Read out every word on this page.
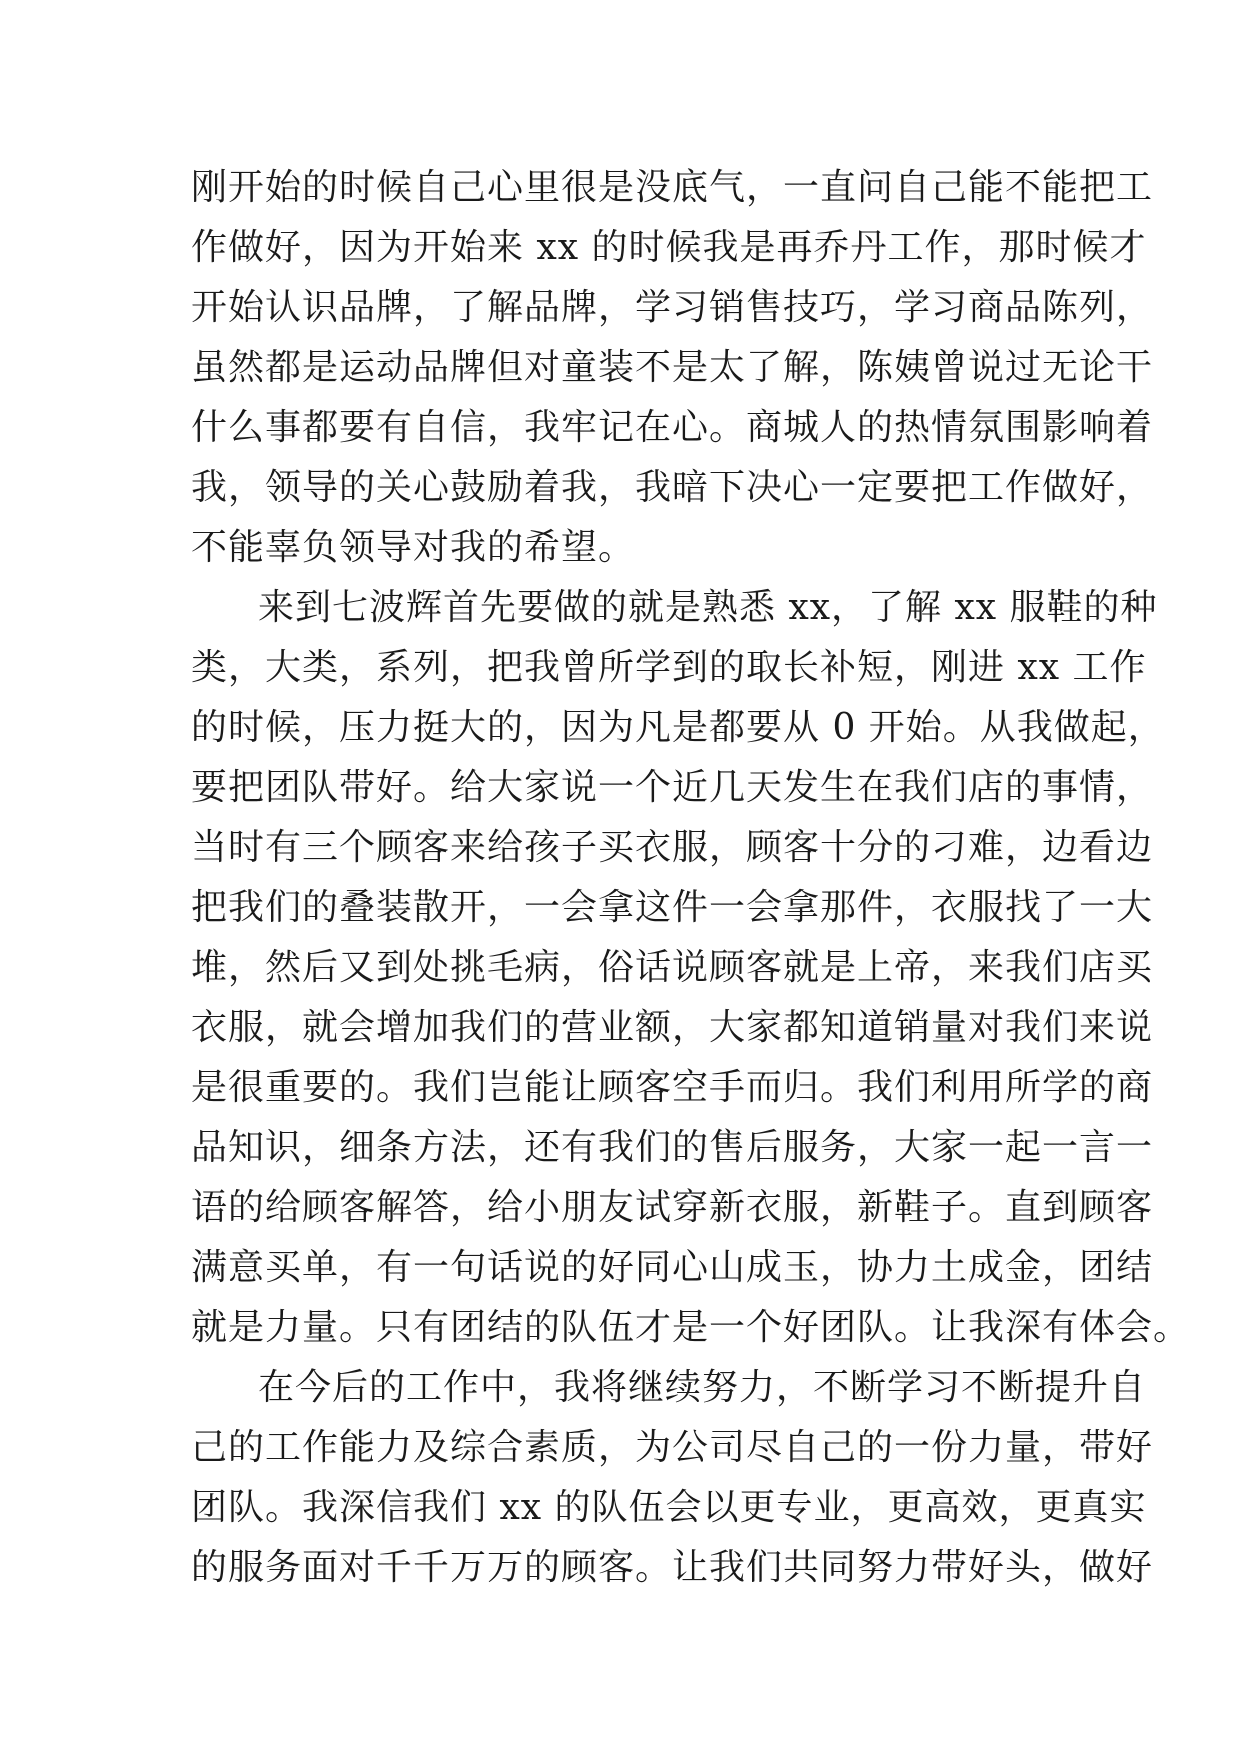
刚开始的时候自己心里很是没底气，一直问自己能不能把工
作做好，因为开始来 xx 的时候我是再乔丹工作，那时候才
开始认识品牌，了解品牌，学习销售技巧，学习商品陈列，
虽然都是运动品牌但对童装不是太了解，陈姨曾说过无论干
什么事都要有自信，我牢记在心。商城人的热情氛围影响着
我，领导的关心鼓励着我，我暗下决心一定要把工作做好，
不能辜负领导对我的希望。
来到七波辉首先要做的就是熟悉 xx，了解 xx 服鞋的种
类，大类，系列，把我曾所学到的取长补短，刚进 xx 工作
的时候，压力挺大的，因为凡是都要从 0 开始。从我做起，
要把团队带好。给大家说一个近几天发生在我们店的事情，
当时有三个顾客来给孩子买衣服，顾客十分的刁难，边看边
把我们的叠装散开，一会拿这件一会拿那件，衣服找了一大
堆，然后又到处挑毛病，俗话说顾客就是上帝，来我们店买
衣服，就会增加我们的营业额，大家都知道销量对我们来说
是很重要的。我们岂能让顾客空手而归。我们利用所学的商
品知识，细条方法，还有我们的售后服务，大家一起一言一
语的给顾客解答，给小朋友试穿新衣服，新鞋子。直到顾客
满意买单，有一句话说的好同心山成玉，协力土成金，团结
就是力量。只有团结的队伍才是一个好团队。让我深有体会。
在今后的工作中，我将继续努力，不断学习不断提升自
己的工作能力及综合素质，为公司尽自己的一份力量，带好
团队。我深信我们 xx 的队伍会以更专业，更高效，更真实
的服务面对千千万万的顾客。让我们共同努力带好头，做好
